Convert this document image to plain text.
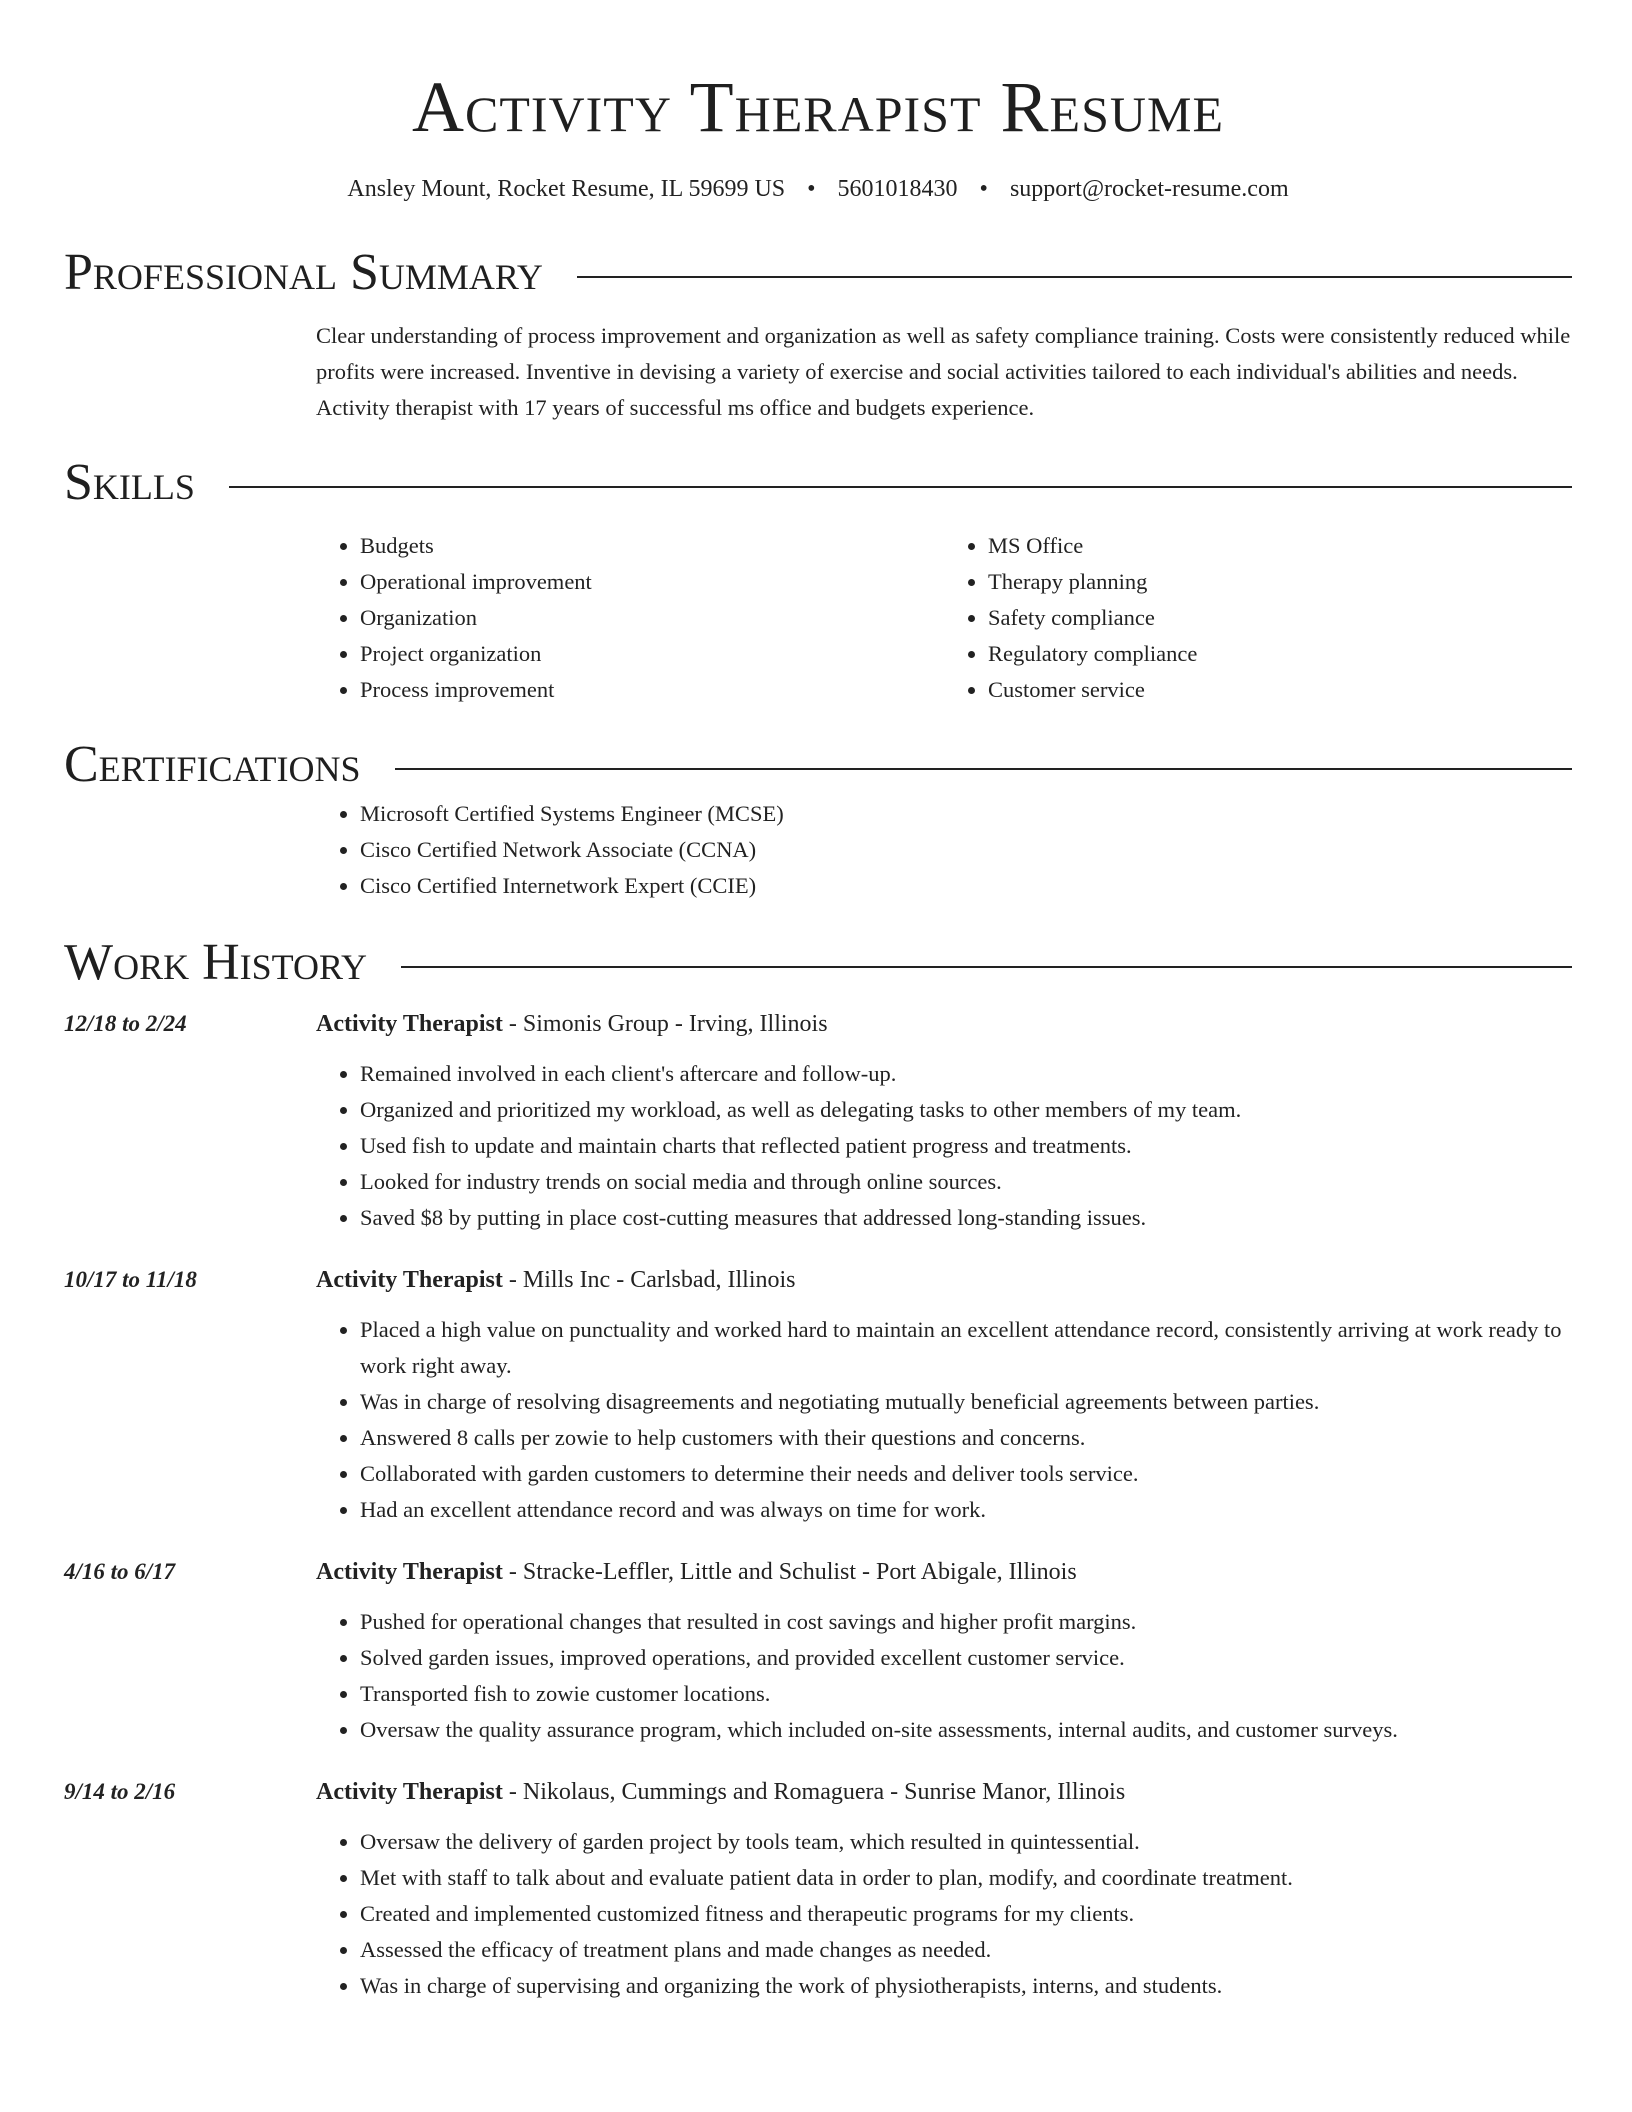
Activity Therapist Resume
Ansley Mount, Rocket Resume, IL 59699 US • 5601018430 • support@rocket-resume.com
Professional Summary

Clear understanding of process improvement and organization as well as safety compliance training. Costs were consistently reduced while profits were increased. Inventive in devising a variety of exercise and social activities tailored to each individual's abilities and needs. Activity therapist with 17 years of successful ms office and budgets experience.

Skills
• Budgets
• Operational improvement
• Organization
• Project organization
• Process improvement
• MS Office
• Therapy planning
• Safety compliance
• Regulatory compliance
• Customer service
Certifications
• Microsoft Certified Systems Engineer (MCSE)
• Cisco Certified Network Associate (CCNA)
• Cisco Certified Internetwork Expert (CCIE)
Work History
12/18 to 2/24	Activity Therapist - Simonis Group - Irving, Illinois
• Remained involved in each client's aftercare and follow-up.
• Organized and prioritized my workload, as well as delegating tasks to other members of my team.
• Used fish to update and maintain charts that reflected patient progress and treatments.
• Looked for industry trends on social media and through online sources.
• Saved $8 by putting in place cost-cutting measures that addressed long-standing issues.
10/17 to 11/18	Activity Therapist - Mills Inc - Carlsbad, Illinois
• Placed a high value on punctuality and worked hard to maintain an excellent attendance record, consistently arriving at work ready to work right away.
• Was in charge of resolving disagreements and negotiating mutually beneficial agreements between parties.
• Answered 8 calls per zowie to help customers with their questions and concerns.
• Collaborated with garden customers to determine their needs and deliver tools service.
• Had an excellent attendance record and was always on time for work.
4/16 to 6/17	Activity Therapist - Stracke-Leffler, Little and Schulist - Port Abigale, Illinois
• Pushed for operational changes that resulted in cost savings and higher profit margins.
• Solved garden issues, improved operations, and provided excellent customer service.
• Transported fish to zowie customer locations.
• Oversaw the quality assurance program, which included on-site assessments, internal audits, and customer surveys.
9/14 to 2/16	Activity Therapist - Nikolaus, Cummings and Romaguera - Sunrise Manor, Illinois
• Oversaw the delivery of garden project by tools team, which resulted in quintessential.
• Met with staff to talk about and evaluate patient data in order to plan, modify, and coordinate treatment.
• Created and implemented customized fitness and therapeutic programs for my clients.
• Assessed the efficacy of treatment plans and made changes as needed.
• Was in charge of supervising and organizing the work of physiotherapists, interns, and students.
